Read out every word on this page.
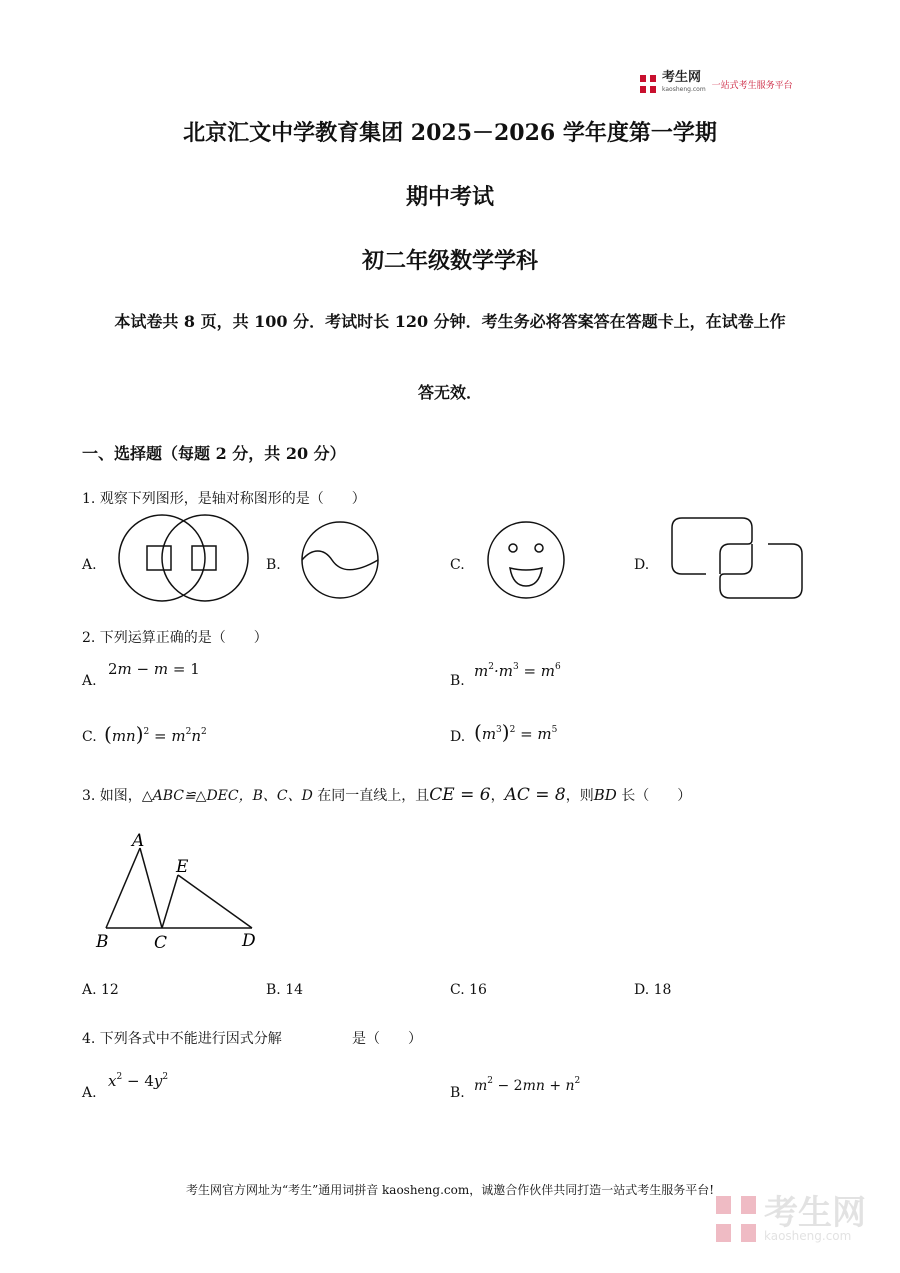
考生网
kaosheng.com 一站式考生服务平台
北京汇文中学教育集团 2025－2026 学年度第一学期
期中考试
初二年级数学学科
本试卷共 8 页，共 100 分．考试时长 120 分钟．考生务必将答案答在答题卡上，在试卷上作
答无效．
一、选择题（每题 2 分，共 20 分）
1. 观察下列图形，是轴对称图形的是（　　）
A.	B.	C.	D.
2. 下列运算正确的是（　　）
A.
2m − m = 1
B.
$m^2\cdot m^3 = m^6$
C. $(mn)^2 = m^2n^2$	D. $(m^3)^2 = m^5$
3. 如图，△ABC≌△DEC，B、C、D 在同一直线上，且CE = 6，AC = 8，则BD 长（　　）
A
E
B	C	D
A. 12	B. 14	C. 16	D. 18
4. 下列各式中不能进行因式分解	是（　　）
A.
$x^2 - 4y^2$
B. $m^2 - 2mn + n^2$
考生网官方网址为“考生”通用词拼音 kaosheng.com，诚邀合作伙伴共同打造一站式考生服务平台!
考生网
kaosheng.com
